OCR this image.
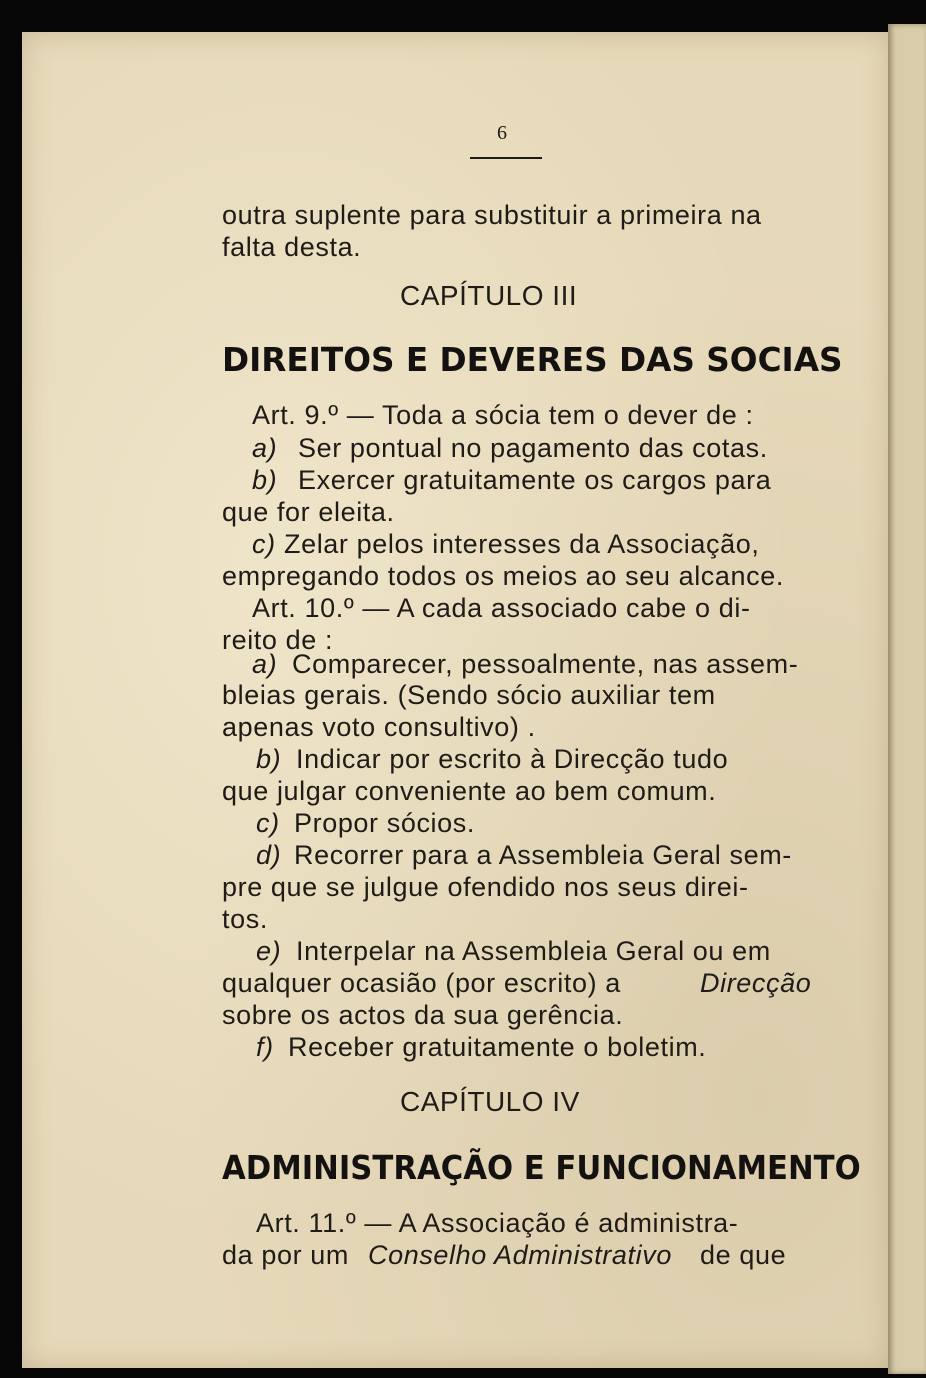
6
outra suplente para substituir a primeira na
falta desta.
CAPÍTULO III
DIREITOS E DEVERES DAS SOCIAS
Art. 9.º — Toda a sócia tem o dever de :
a) Ser pontual no pagamento das cotas.
b) Exercer gratuitamente os cargos para
que for eleita.
c) Zelar pelos interesses da Associação,
empregando todos os meios ao seu alcance.
Art. 10.º — A cada associado cabe o di-
reito de :
a) Comparecer, pessoalmente, nas assem-
bleias gerais. (Sendo sócio auxiliar tem
apenas voto consultivo) .
b) Indicar por escrito à Direcção tudo
que julgar conveniente ao bem comum.
c) Propor sócios.
d) Recorrer para a Assembleia Geral sem-
pre que se julgue ofendido nos seus direi-
tos.
e) Interpelar na Assembleia Geral ou em
qualquer ocasião (por escrito) a	Direcção
sobre os actos da sua gerência.
f) Receber gratuitamente o boletim.
CAPÍTULO IV
ADMINISTRAÇÃO E FUNCIONAMENTO
Art. 11.º — A Associação é administra-
da por um Conselho Administrativo de que
